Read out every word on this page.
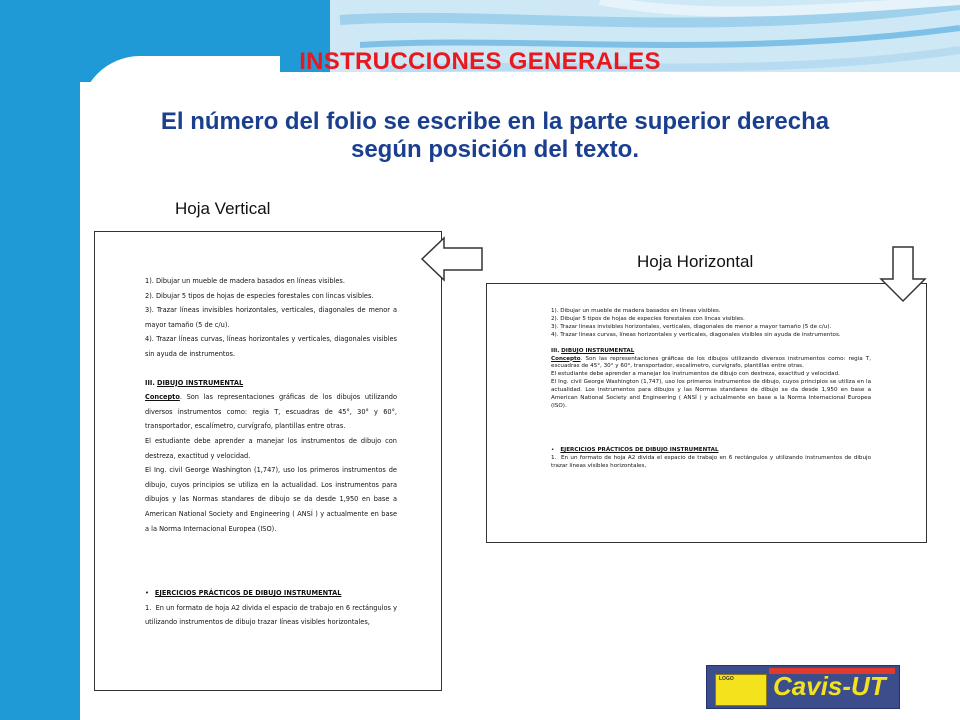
INSTRUCCIONES GENERALES
El número del folio se escribe en la parte superior derecha
según posición del texto.
Hoja Vertical
Hoja Horizontal

1). Dibujar un mueble de madera basados en líneas visibles.

2). Dibujar 5 tipos de hojas de especies forestales con lincas visibles.

3). Trazar líneas invisibles horizontales, verticales, diagonales de menor a mayor tamaño (5 de c/u).

4). Trazar líneas curvas, líneas horizontales y verticales, diagonales visibles sin ayuda de instrumentos.

III. DIBUJO INSTRUMENTAL

Concepto. Son las representaciones gráficas de los dibujos utilizando diversos instrumentos como: regia T, escuadras de 45°, 30° y 60°, transportador, escalímetro, curvígrafo, plantillas entre otras.

El estudiante debe aprender a manejar los instrumentos de dibujo con destreza, exactitud y velocidad.

El Ing. civil George Washington (1,747), uso los primeros instrumentos de dibujo, cuyos principios se utiliza en la actualidad. Los instrumentos para dibujos y las Normas standares de dibujo se da desde 1,950 en base a American National Society and Engineering ( ANSÍ ) y actualmente en base a la Norma Internacional Europea (ISO).

• EJERCICIOS PRÁCTICOS DE DIBUJO INSTRUMENTAL

1. En un formato de hoja A2 divida el espacio de trabajo en 6 rectángulos y utilizando instrumentos de dibujo trazar líneas visibles horizontales,

1). Dibujar un mueble de madera basados en líneas visibles.

2). Dibujar 5 tipos de hojas de especies forestales con lincas visibles.

3). Trazar líneas invisibles horizontales, verticales, diagonales de menor a mayor tamaño (5 de c/u).

4). Trazar líneas curvas, líneas horizontales y verticales, diagonales visibles sin ayuda de instrumentos.

III. DIBUJO INSTRUMENTAL

Concepto. Son las representaciones gráficas de los dibujos utilizando diversos instrumentos como: regia T, escuadras de 45°, 30° y 60°, transportador, escalímetro, curvígrafo, plantillas entre otras.

El estudiante debe aprender a manejar los instrumentos de dibujo con destreza, exactitud y velocidad.

El Ing. civil George Washington (1,747), uso los primeros instrumentos de dibujo, cuyos principios se utiliza en la actualidad. Los instrumentos para dibujos y las Normas standares de dibujo se da desde 1,950 en base a American National Society and Engineering ( ANSÍ ) y actualmente en base a la Norma Internacional Europea (ISO).

• EJERCICIOS PRÁCTICOS DE DIBUJO INSTRUMENTAL

1. En un formato de hoja A2 divida el espacio de trabajo en 6 rectángulos y utilizando instrumentos de dibujo trazar líneas visibles horizontales,

LOGO	Cavis-UT
